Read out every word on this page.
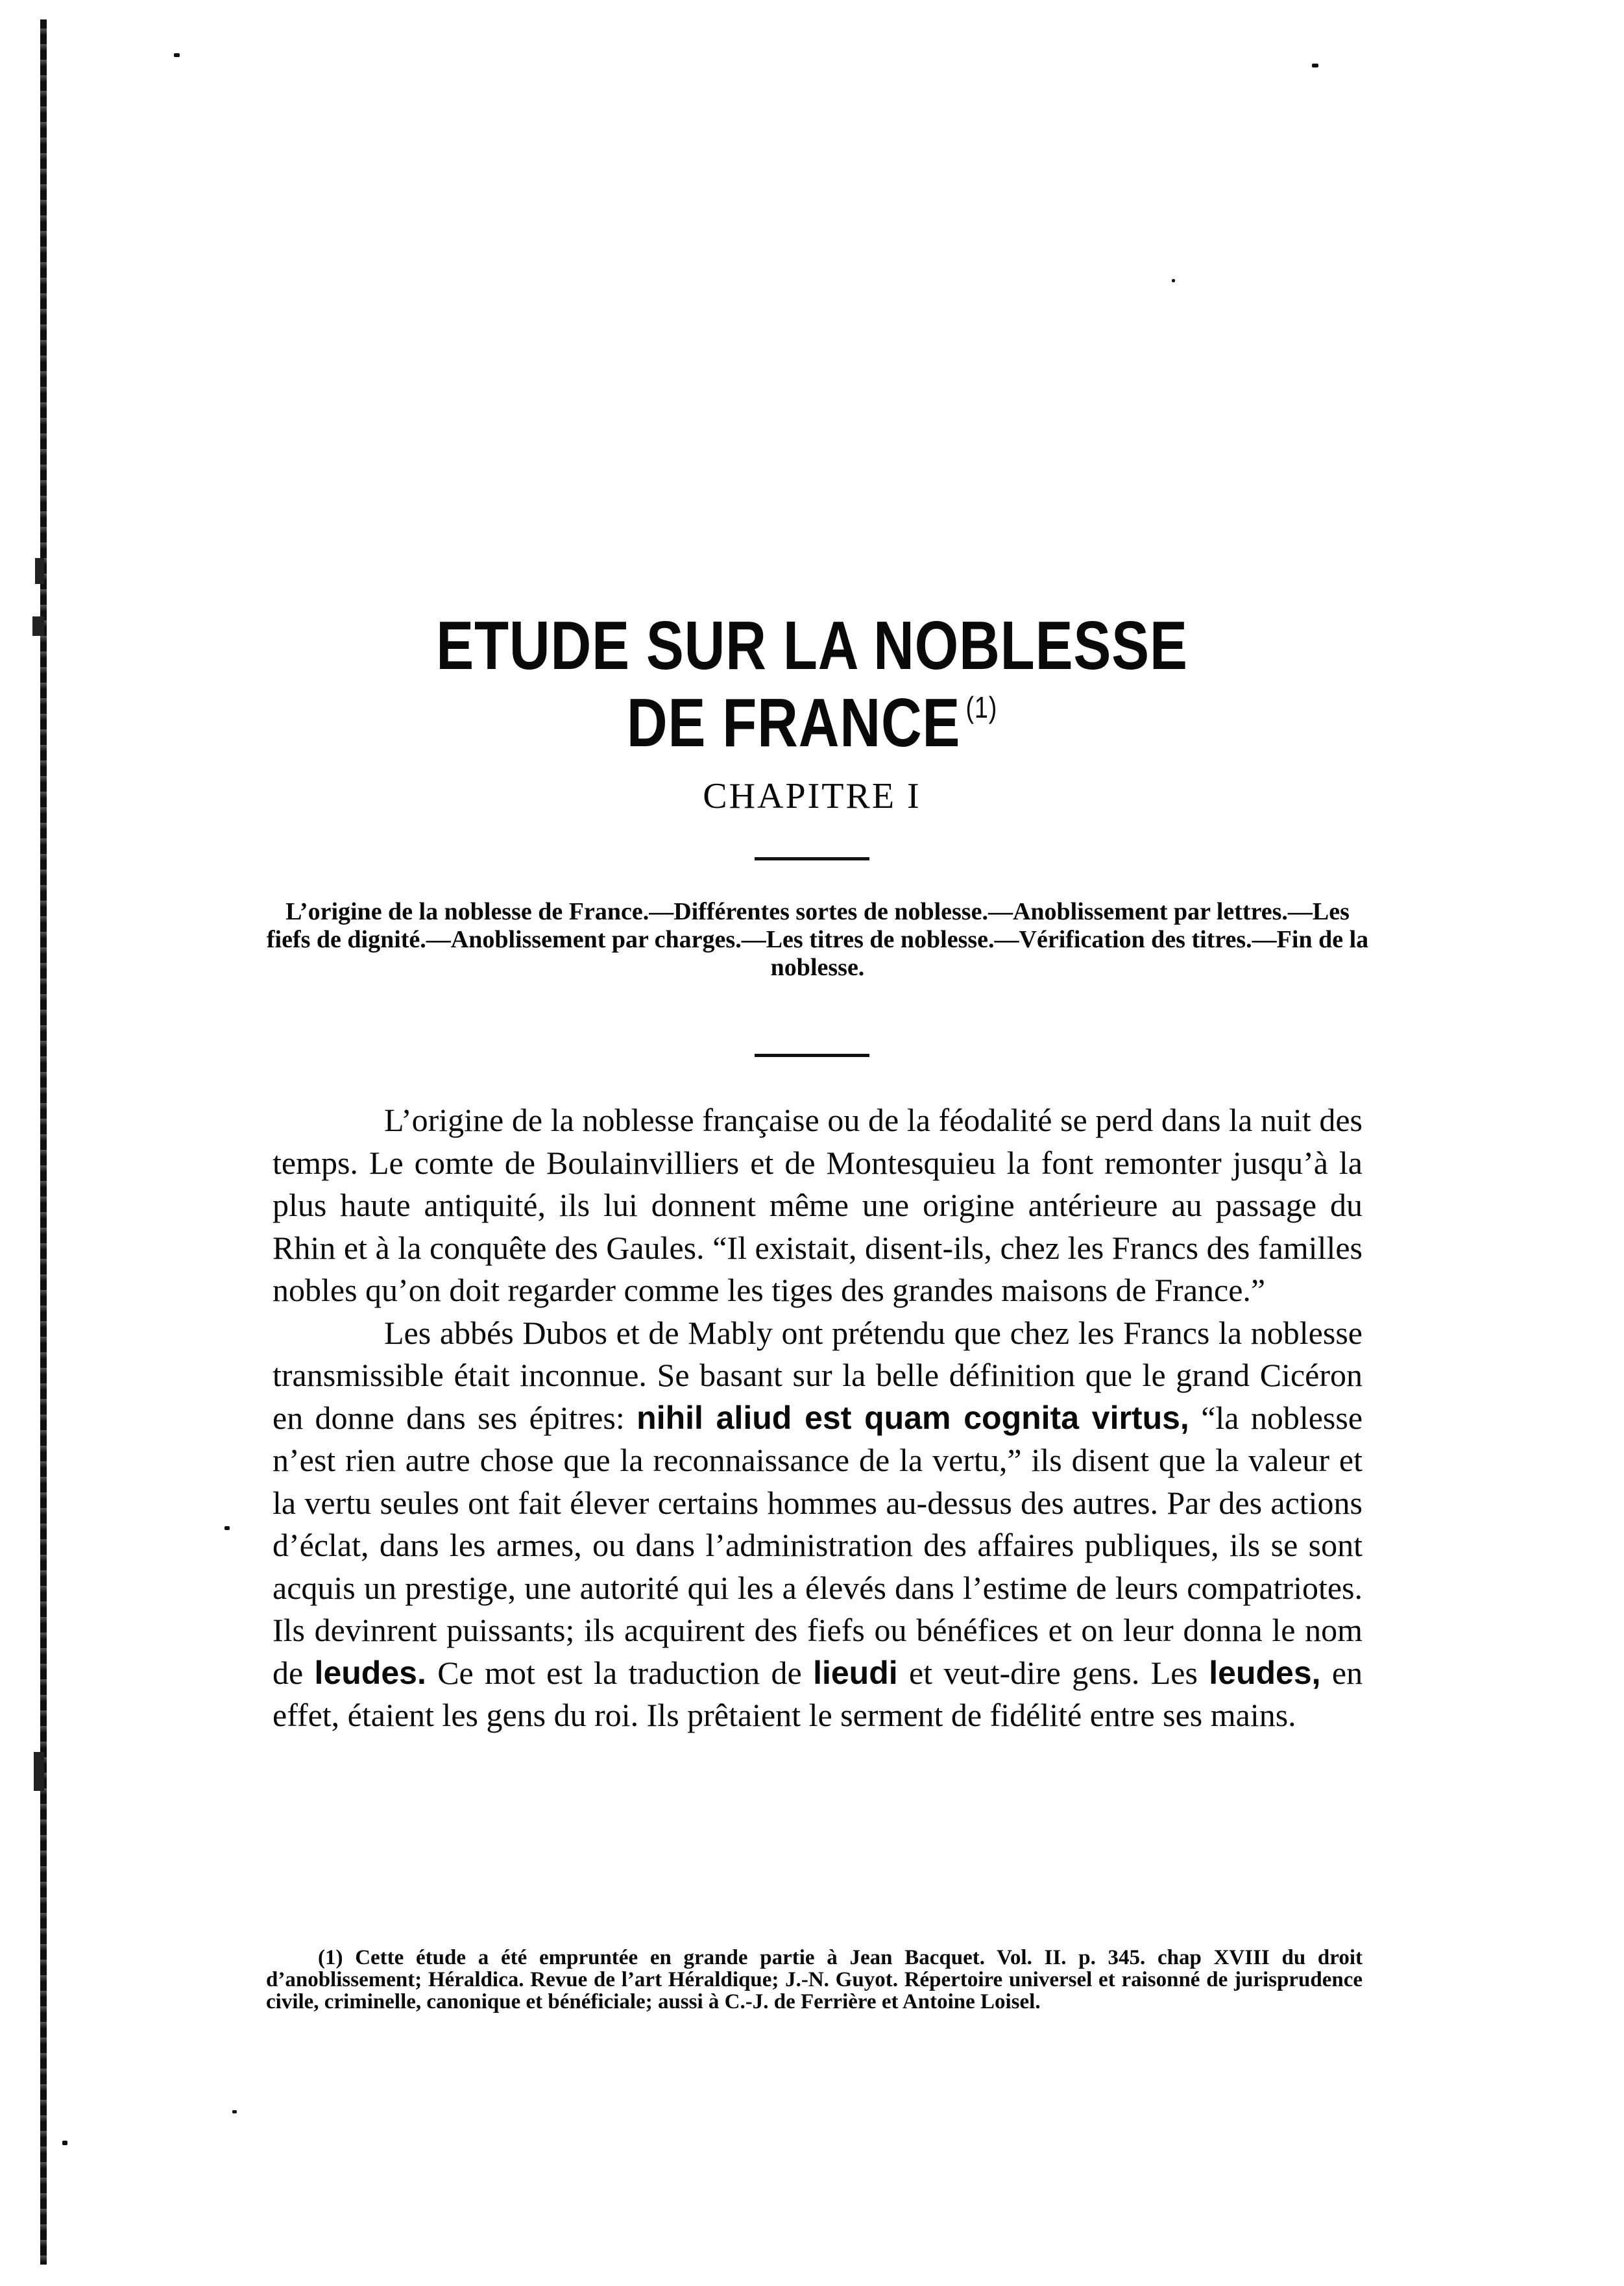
ETUDE SUR LA NOBLESSE
DE FRANCE $^{(1)}$
CHAPITRE I

L’origine de la noblesse de France.—Différentes sortes de noblesse.—Anoblissement par lettres.—Les fiefs de dignité.—Anoblissement par charges.—Les titres de noblesse.—Vérification des titres.—Fin de la noblesse.

L’origine de la noblesse française ou de la féodalité se perd dans la nuit des temps. Le comte de Boulainvilliers et de Montesquieu la font remonter jusqu’à la plus haute antiquité, ils lui donnent même une origine antérieure au passage du Rhin et à la conquête des Gaules. “Il existait, disent-ils, chez les Francs des familles nobles qu’on doit regarder comme les tiges des grandes maisons de France.”

Les abbés Dubos et de Mably ont prétendu que chez les Francs la noblesse transmissible était inconnue. Se basant sur la belle définition que le grand Cicéron en donne dans ses épitres: nihil aliud est quam cognita virtus, “la noblesse n’est rien autre chose que la reconnaissance de la vertu,” ils disent que la valeur et la vertu seules ont fait élever certains hommes au-dessus des autres. Par des actions d’éclat, dans les armes, ou dans l’administration des affaires publiques, ils se sont acquis un prestige, une autorité qui les a élevés dans l’estime de leurs compatriotes. Ils devinrent puissants; ils acquirent des fiefs ou bénéfices et on leur donna le nom de leudes. Ce mot est la traduction de lieudi et veut-dire gens. Les leudes, en effet, étaient les gens du roi. Ils prêtaient le serment de fidélité entre ses mains.

(1) Cette étude a été empruntée en grande partie à Jean Bacquet. Vol. II. p. 345. chap XVIII du droit d’anoblissement; Héraldica. Revue de l’art Héraldique; J.-N. Guyot. Répertoire universel et raisonné de jurisprudence civile, criminelle, canonique et bénéficiale; aussi à C.-J. de Ferrière et Antoine Loisel.
